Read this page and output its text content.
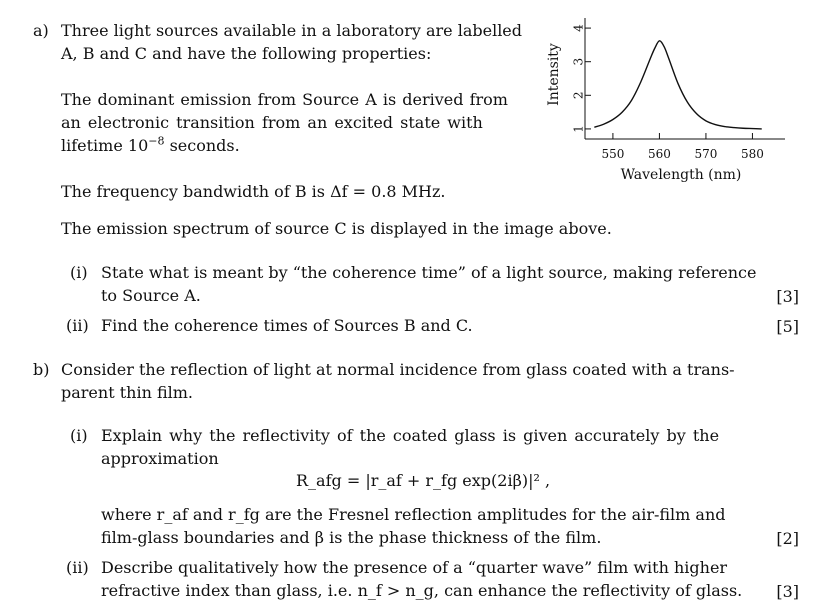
a) Three light sources available in a laboratory are labelled
A, B and C and have the following properties:
The dominant emission from Source A is derived from
an electronic transition from an excited state with
lifetime $10^{-8}$ seconds.
The frequency bandwidth of B is Δf = 0.8 MHz.
The emission spectrum of source C is displayed in the image above.
(i) State what is meant by “the coherence time” of a light source, making reference
to Source A.	[3]
(ii) Find the coherence times of Sources B and C.	[5]
550 560 570 580
1
2
3
4
Wavelength (nm)
Intensity
b) Consider the reflection of light at normal incidence from glass coated with a trans-
parent thin film.
(i) Explain why the reflectivity of the coated glass is given accurately by the
approximation
R_afg = |r_af + r_fg exp(2iβ)|² ,
where r_af and r_fg are the Fresnel reflection amplitudes for the air-film and
film-glass boundaries and β is the phase thickness of the film.	[2]
(ii) Describe qualitatively how the presence of a “quarter wave” film with higher
refractive index than glass, i.e. n_f > n_g, can enhance the reflectivity of glass. [3]
